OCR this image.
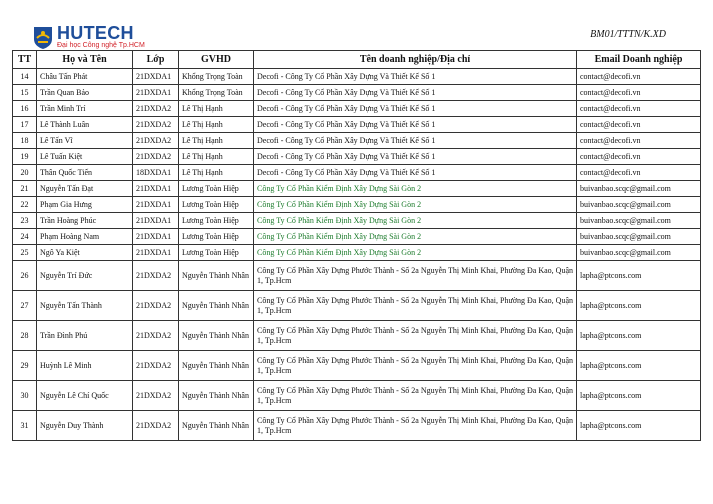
HUTECH
Đại học Công nghệ Tp.HCM
BM01/TTTN/K.XD
TT	Họ và Tên	Lớp	GVHD	Tên doanh nghiệp/Địa chỉ	Email Doanh nghiệp
14	Châu Tấn Phát	21DXDA1	Khổng Trọng Toàn	Decofi - Công Ty Cổ Phần Xây Dựng Và Thiết Kế Số 1	contact@decofi.vn
15	Trần Quan Bảo	21DXDA1	Khổng Trọng Toàn	Decofi - Công Ty Cổ Phần Xây Dựng Và Thiết Kế Số 1	contact@decofi.vn
16	Trần Minh Trí	21DXDA2	Lê Thị Hạnh	Decofi - Công Ty Cổ Phần Xây Dựng Và Thiết Kế Số 1	contact@decofi.vn
17	Lê Thành Luân	21DXDA2	Lê Thị Hạnh	Decofi - Công Ty Cổ Phần Xây Dựng Và Thiết Kế Số 1	contact@decofi.vn
18	Lê Tấn Vĩ	21DXDA2	Lê Thị Hạnh	Decofi - Công Ty Cổ Phần Xây Dựng Và Thiết Kế Số 1	contact@decofi.vn
19	Lê Tuấn Kiệt	21DXDA2	Lê Thị Hạnh	Decofi - Công Ty Cổ Phần Xây Dựng Và Thiết Kế Số 1	contact@decofi.vn
20	Thân Quốc Tiến	18DXDA1	Lê Thị Hạnh	Decofi - Công Ty Cổ Phần Xây Dựng Và Thiết Kế Số 1	contact@decofi.vn
21	Nguyễn Tấn Đạt	21DXDA1	Lương Toàn Hiệp	Công Ty Cổ Phần Kiểm Định Xây Dựng Sài Gòn 2	buivanbao.scqc@gmail.com
22	Phạm Gia Hưng	21DXDA1	Lương Toàn Hiệp	Công Ty Cổ Phần Kiểm Định Xây Dựng Sài Gòn 2	buivanbao.scqc@gmail.com
23	Trần Hoàng Phúc	21DXDA1	Lương Toàn Hiệp	Công Ty Cổ Phần Kiểm Định Xây Dựng Sài Gòn 2	buivanbao.scqc@gmail.com
24	Phạm Hoàng Nam	21DXDA1	Lương Toàn Hiệp	Công Ty Cổ Phần Kiểm Định Xây Dựng Sài Gòn 2	buivanbao.scqc@gmail.com
25	Ngô Ya Kiệt	21DXDA1	Lương Toàn Hiệp	Công Ty Cổ Phần Kiểm Định Xây Dựng Sài Gòn 2	buivanbao.scqc@gmail.com
26	Nguyễn Trí Đức	21DXDA2	Nguyễn Thành Nhân	Công Ty Cổ Phần Xây Dựng Phước Thành - Số 2a Nguyễn Thị Minh Khai, Phường Đa Kao, Quận 1, Tp.Hcm	lapha@ptcons.com
27	Nguyễn Tấn Thành	21DXDA2	Nguyễn Thành Nhân	Công Ty Cổ Phần Xây Dựng Phước Thành - Số 2a Nguyễn Thị Minh Khai, Phường Đa Kao, Quận 1, Tp.Hcm	lapha@ptcons.com
28	Trần Đình Phú	21DXDA2	Nguyễn Thành Nhân	Công Ty Cổ Phần Xây Dựng Phước Thành - Số 2a Nguyễn Thị Minh Khai, Phường Đa Kao, Quận 1, Tp.Hcm	lapha@ptcons.com
29	Huỳnh Lê Minh	21DXDA2	Nguyễn Thành Nhân	Công Ty Cổ Phần Xây Dựng Phước Thành - Số 2a Nguyễn Thị Minh Khai, Phường Đa Kao, Quận 1, Tp.Hcm	lapha@ptcons.com
30	Nguyễn Lê Chí Quốc	21DXDA2	Nguyễn Thành Nhân	Công Ty Cổ Phần Xây Dựng Phước Thành - Số 2a Nguyễn Thị Minh Khai, Phường Đa Kao, Quận 1, Tp.Hcm	lapha@ptcons.com
31	Nguyễn Duy Thành	21DXDA2	Nguyễn Thành Nhân	Công Ty Cổ Phần Xây Dựng Phước Thành - Số 2a Nguyễn Thị Minh Khai, Phường Đa Kao, Quận 1, Tp.Hcm	lapha@ptcons.com
